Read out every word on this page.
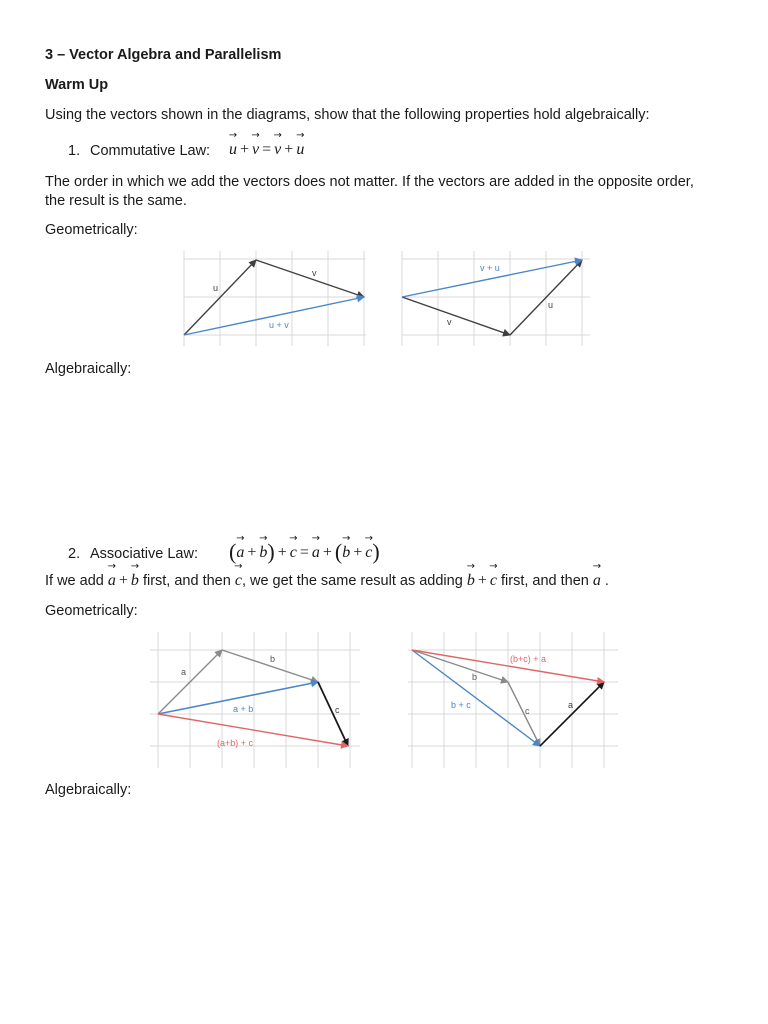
3 – Vector Algebra and Parallelism
Warm Up
Using the vectors shown in the diagrams, show that the following properties hold algebraically:
1. Commutative Law: → u + → v = → v + → u
The order in which we add the vectors does not matter. If the vectors are added in the opposite order,
the result is the same.
Geometrically:
u
v
u + v	v
u
v + u
Algebraically:
2. Associative Law: (→ a + → b) + → c = → a + (→ b + → c)
If we add → a + → b first, and then → c, we get the same result as adding → b + → c first, and then → a .
Geometrically:
a
b
a + b	c
(a+b) + c
b
c
b + c	a
(b+c) + a
Algebraically:
